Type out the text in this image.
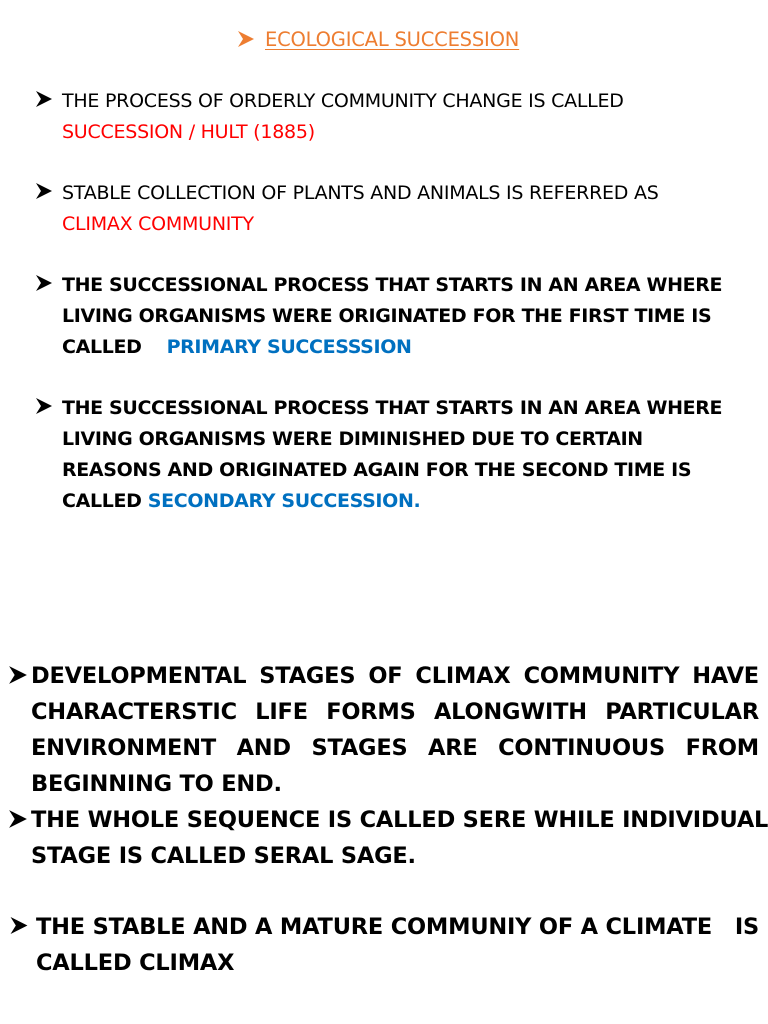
ECOLOGICAL SUCCESSION
THE PROCESS OF ORDERLY COMMUNITY CHANGE IS CALLED
SUCCESSION / HULT (1885)
STABLE COLLECTION OF PLANTS AND ANIMALS IS REFERRED AS
CLIMAX COMMUNITY
THE SUCCESSIONAL PROCESS THAT STARTS IN AN AREA WHERE
LIVING ORGANISMS WERE ORIGINATED FOR THE FIRST TIME IS
CALLED PRIMARY SUCCESSSION
THE SUCCESSIONAL PROCESS THAT STARTS IN AN AREA WHERE
LIVING ORGANISMS WERE DIMINISHED DUE TO CERTAIN
REASONS AND ORIGINATED AGAIN FOR THE SECOND TIME IS
CALLED SECONDARY SUCCESSION.
DEVELOPMENTAL STAGES OF CLIMAX COMMUNITY HAVE
CHARACTERSTIC LIFE FORMS ALONGWITH PARTICULAR
ENVIRONMENT AND STAGES ARE CONTINUOUS FROM
BEGINNING TO END.
THE WHOLE SEQUENCE IS CALLED SERE WHILE INDIVIDUAL
STAGE IS CALLED SERAL SAGE.
THE STABLE AND A MATURE COMMUNIY OF A CLIMATE IS
CALLED CLIMAX
